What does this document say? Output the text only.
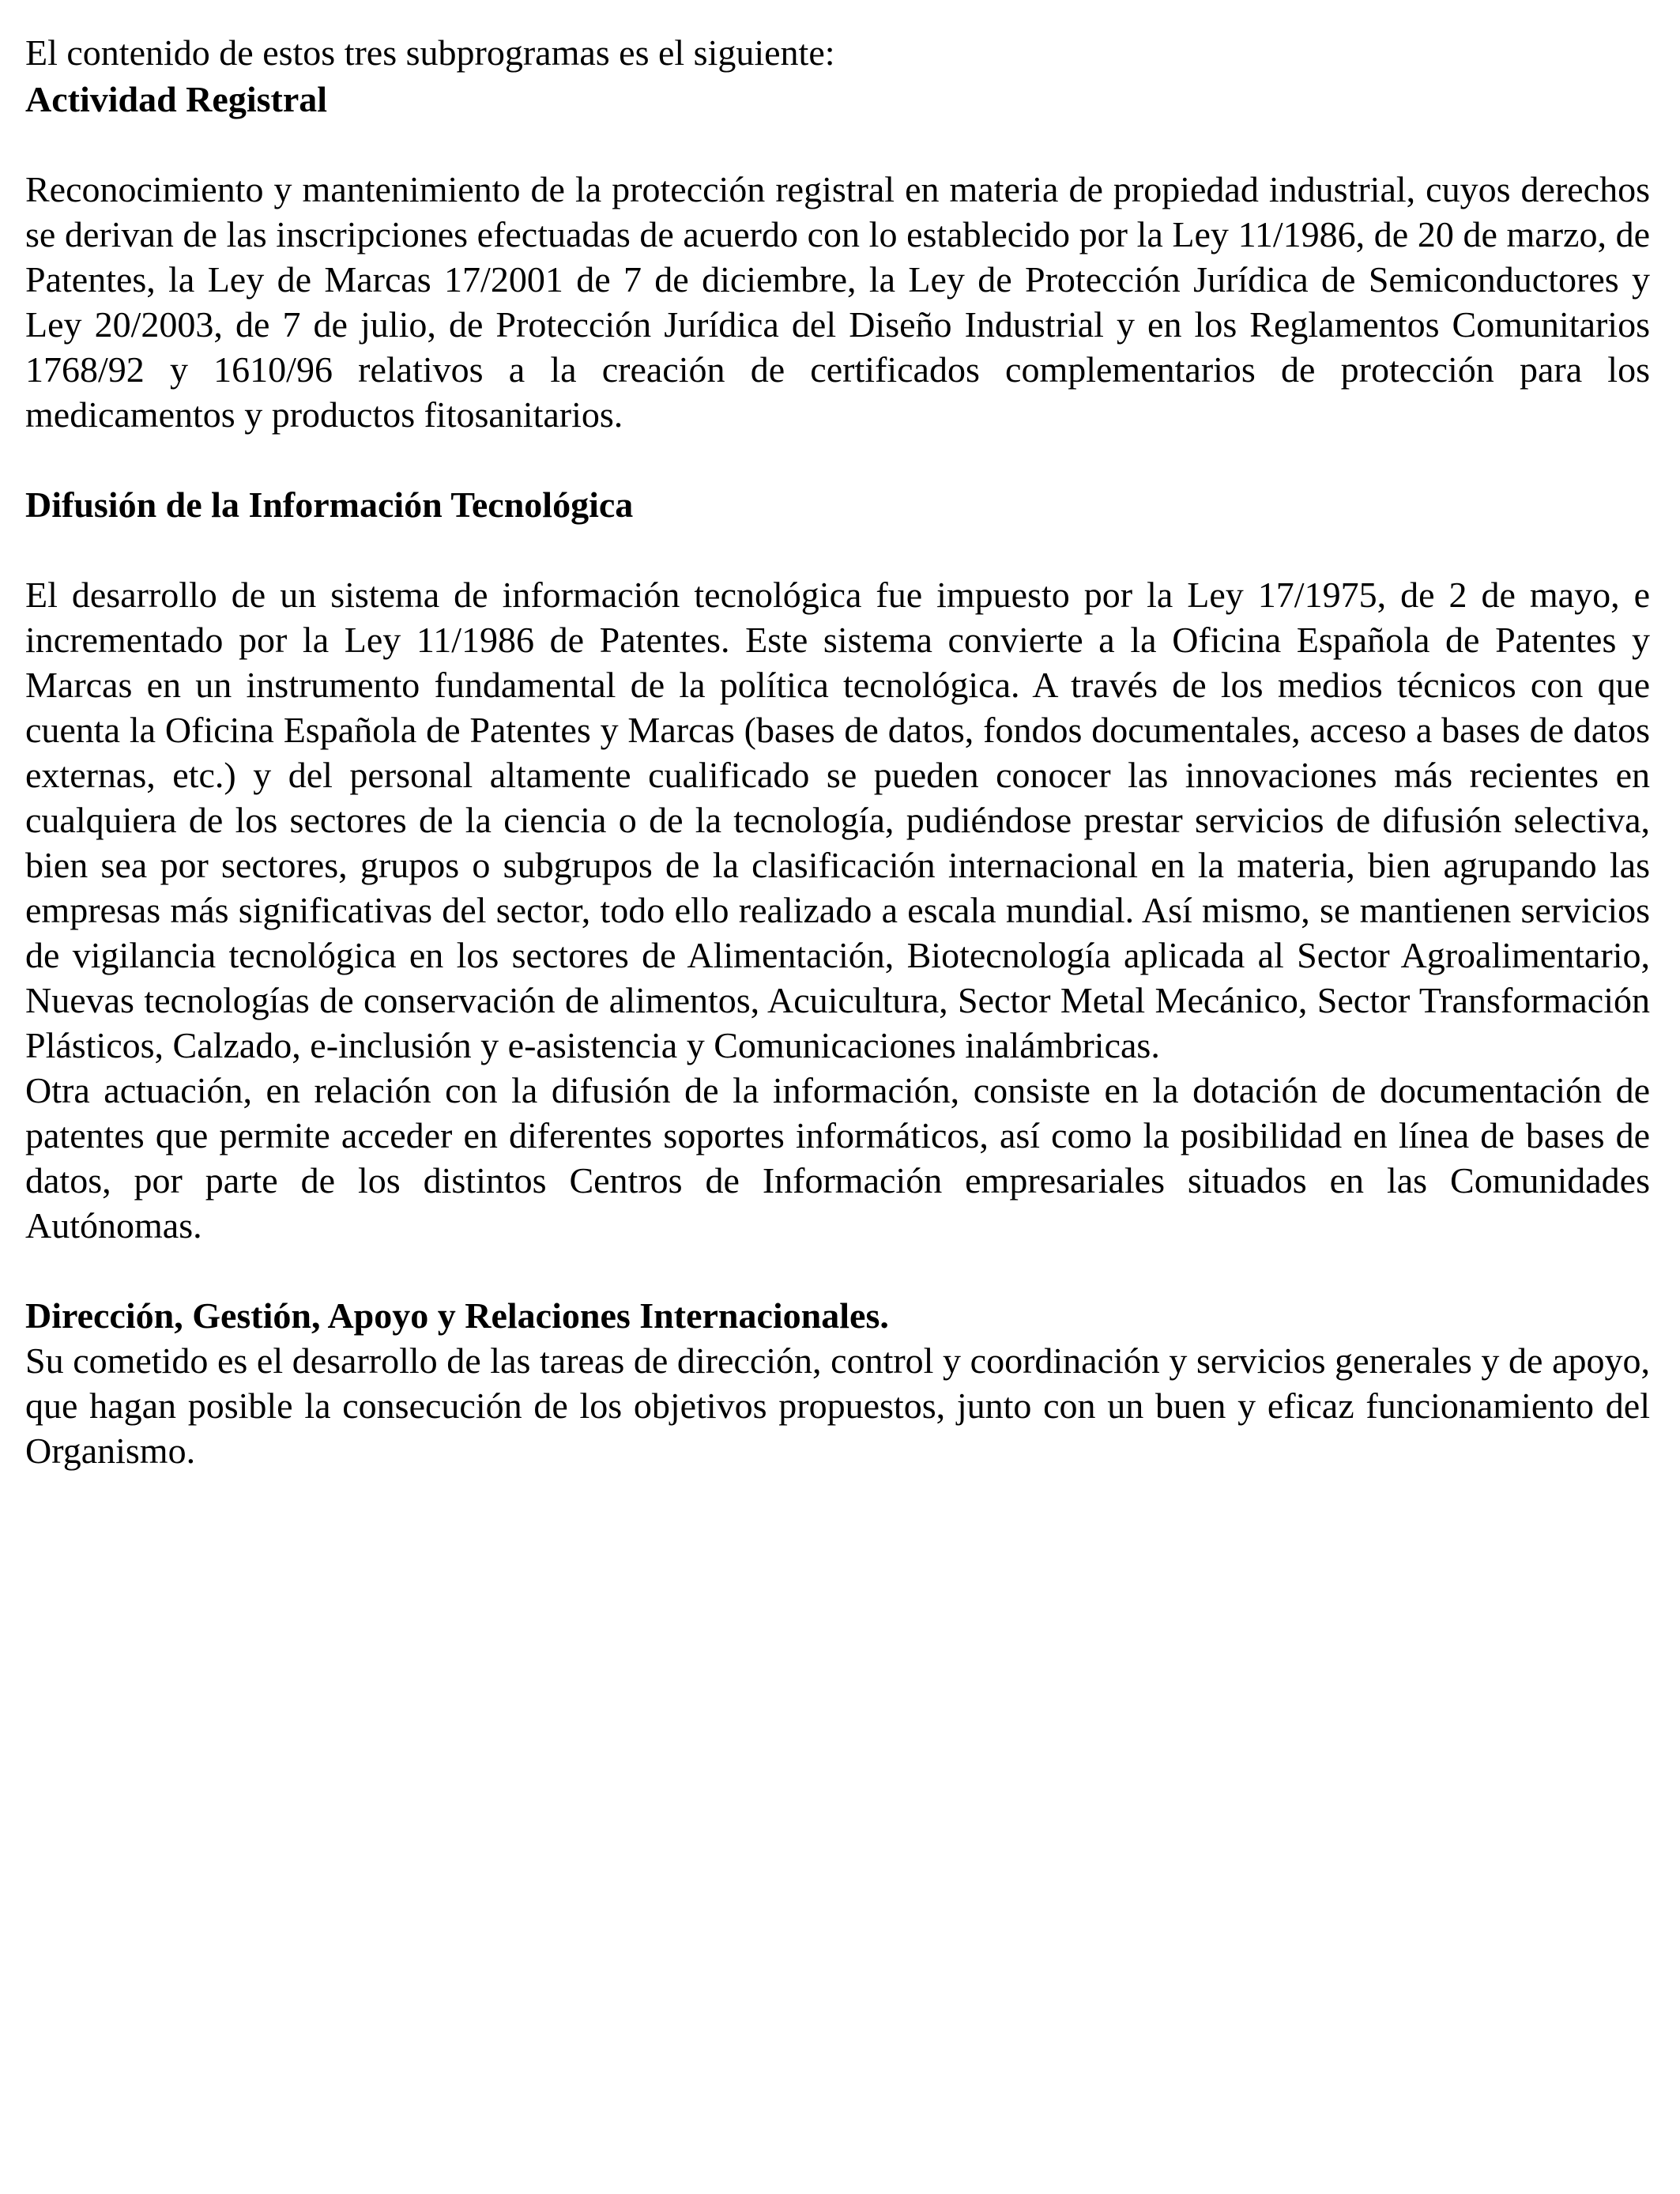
El contenido de estos tres subprogramas es el siguiente:

Actividad Registral

Reconocimiento y mantenimiento de la protección registral en materia de propiedad industrial, cuyos derechos se derivan de las inscripciones efectuadas de acuerdo con lo establecido por la Ley 11/1986, de 20 de marzo, de Patentes, la Ley de Marcas 17/2001 de 7 de diciembre, la Ley de Protección Jurídica de Semiconductores y Ley 20/2003, de 7 de julio, de Protección Jurídica del Diseño Industrial y en los Reglamentos Comunitarios 1768/92 y 1610/96 relativos a la creación de certificados complementarios de protección para los medicamentos y productos fitosanitarios.

Difusión de la Información Tecnológica

El desarrollo de un sistema de información tecnológica fue impuesto por la Ley 17/1975, de 2 de mayo, e incrementado por la Ley 11/1986 de Patentes. Este sistema convierte a la Oficina Española de Patentes y Marcas en un instrumento fundamental de la política tecnológica. A través de los medios técnicos con que cuenta la Oficina Española de Patentes y Marcas (bases de datos, fondos documentales, acceso a bases de datos externas, etc.) y del personal altamente cualificado se pueden conocer las innovaciones más recientes en cualquiera de los sectores de la ciencia o de la tecnología, pudiéndose prestar servicios de difusión selectiva, bien sea por sectores, grupos o subgrupos de la clasificación internacional en la materia, bien agrupando las empresas más significativas del sector, todo ello realizado a escala mundial. Así mismo, se mantienen servicios de vigilancia tecnológica en los sectores de Alimentación, Biotecnología aplicada al Sector Agroalimentario, Nuevas tecnologías de conservación de alimentos, Acuicultura, Sector Metal Mecánico, Sector Transformación Plásticos, Calzado, e-inclusión y e-asistencia y Comunicaciones inalámbricas.

Otra actuación, en relación con la difusión de la información, consiste en la dotación de documentación de patentes que permite acceder en diferentes soportes informáticos, así como la posibilidad en línea de bases de datos, por parte de los distintos Centros de Información empresariales situados en las Comunidades Autónomas.

Dirección, Gestión, Apoyo y Relaciones Internacionales.

Su cometido es el desarrollo de las tareas de dirección, control y coordinación y servicios generales y de apoyo, que hagan posible la consecución de los objetivos propuestos, junto con un buen y eficaz funcionamiento del Organismo.
